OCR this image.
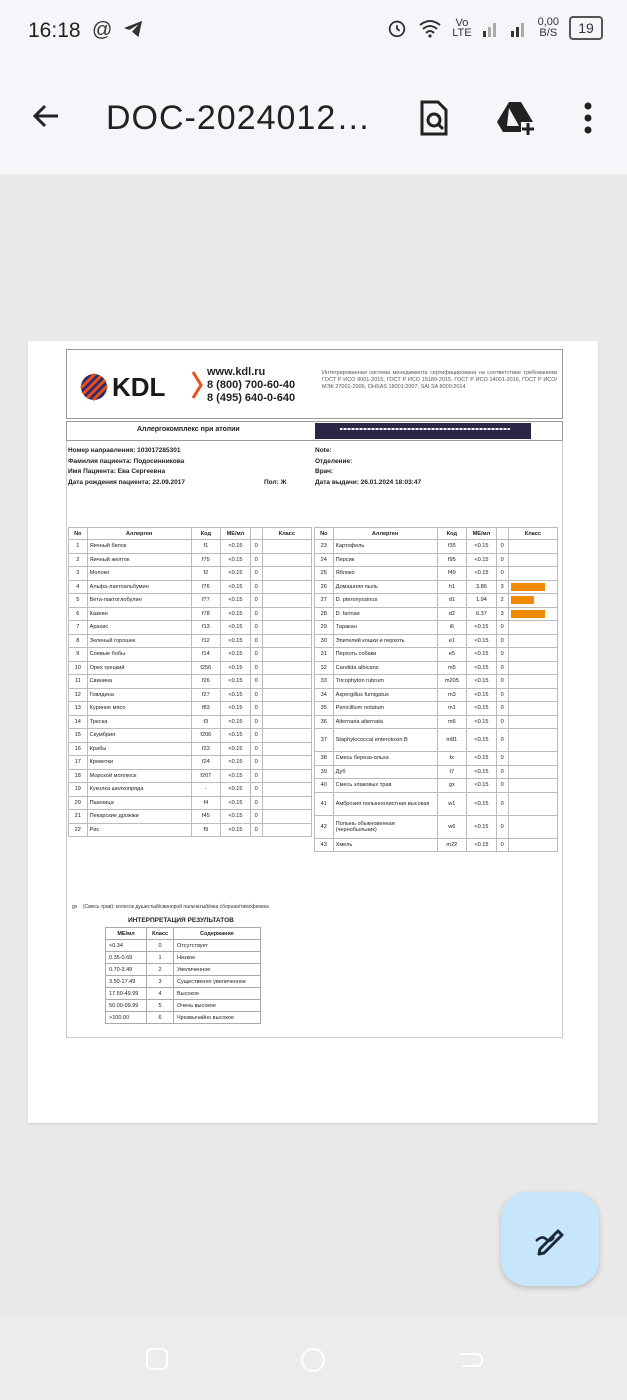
16:18 @	Vo
LTE
0,00
B/S	19
DOC-2024012…
KDL	www.kdl.ru
8 (800) 700-60-40
8 (495) 640-0-640
Интегрированная система менеджмента сертифицирована на соответствие требованиям ГОСТ Р ИСО 9001-2015, ГОСТ Р ИСО 15189-2015, ГОСТ Р ИСО 14001-2016, ГОСТ Р ИСО/МЭК 27001-2006, OHSAS 18001:2007, SAI SA 8000:2014
Аллергокомплекс при атопии
Номер направления: 103017285301
Фамилия пациента: Подосинникова
Имя Пациента: Ева Сергеевна
Дата рождения пациента: 22.09.2017	Пол: Ж
Note:
Отделение:
Врач:
Дата выдачи: 26.01.2024 18:03:47
No	Аллерген	Код	МЕ/мл		Класс
1	Яичный белок	f1	<0.15	0	
2	Яичный желток	f75	<0.15	0	
3	Молоко	f2	<0.15	0	
4	Альфа-лактоальбумин	f76	<0.15	0	
5	Бета-лактоглобулин	f77	<0.15	0	
6	Казеин	f78	<0.15	0	
7	Арахис	f13	<0.15	0	
8	Зеленый горошек	f12	<0.15	0	
9	Соевые бобы	f14	<0.15	0	
10	Орех грецкий	f256	<0.15	0	
11	Свинина	f26	<0.15	0	
12	Говядина	f27	<0.15	0	
13	Куриное мясо	f83	<0.15	0	
14	Треска	f3	<0.15	0	
15	Скумбрия	f206	<0.15	0	
16	Крабы	f23	<0.15	0	
17	Креветки	f24	<0.15	0	
18	Морской моллюск	f207	<0.15	0	
19	Куколка шелкопряда	-	<0.15	0	
20	Пшеница	f4	<0.15	0	
21	Пекарские дрожжи	f45	<0.15	0	
22	Рис	f9	<0.15	0	
No	Аллерген	Код	МЕ/мл		Класс
23	Картофель	f35	<0.15	0	
24	Персик	f95	<0.15	0	
25	Яблоко	f49	<0.15	0	
26	Домашняя пыль	h1	3.86	3	
27	D. pteronyssinus	d1	1.94	2	
28	D. farinae	d2	6.37	3	
29	Таракан	i6	<0.15	0	
30	Эпителий кошки и перхоть	e1	<0.15	0	
31	Перхоть собаки	e5	<0.15	0	
32	Candida albicans	m5	<0.15	0	
33	Tricophyton rubrum	m205	<0.15	0	
34	Aspergillus fumigatus	m3	<0.15	0	
35	Penicillium notatum	m1	<0.15	0	
36	Alternaria alternata	m6	<0.15	0	
37	Staphylococcal enterotoxin B	m81	<0.15	0	
38	Смесь береза-ольха	tx	<0.15	0	
39	Дуб	t7	<0.15	0	
40	Смесь злаковых трав	gx	<0.15	0	
41	Амброзия полыннолистная высокая	w1	<0.15	0	
42	Полынь обыкновенная (чернобыльник)	w6	<0.15	0	
43	Хмель	m22	<0.15	0	
gx (Смесь трав): колосок душистый/свинорой пальчатый/ежа сборная/тимофеевка
ИНТЕРПРЕТАЦИЯ РЕЗУЛЬТАТОВ
МЕ/мл	Класс	Содержание
<0.34	0	Отсутствует
0.35-0.69	1	Низкое
0.70-3.49	2	Увеличенное
3.50-17.49	3	Существенно увеличенное
17.50-49.99	4	Высокое
50.00-99.99	5	Очень высокое
>100.00	6	Чрезвычайно высокое
